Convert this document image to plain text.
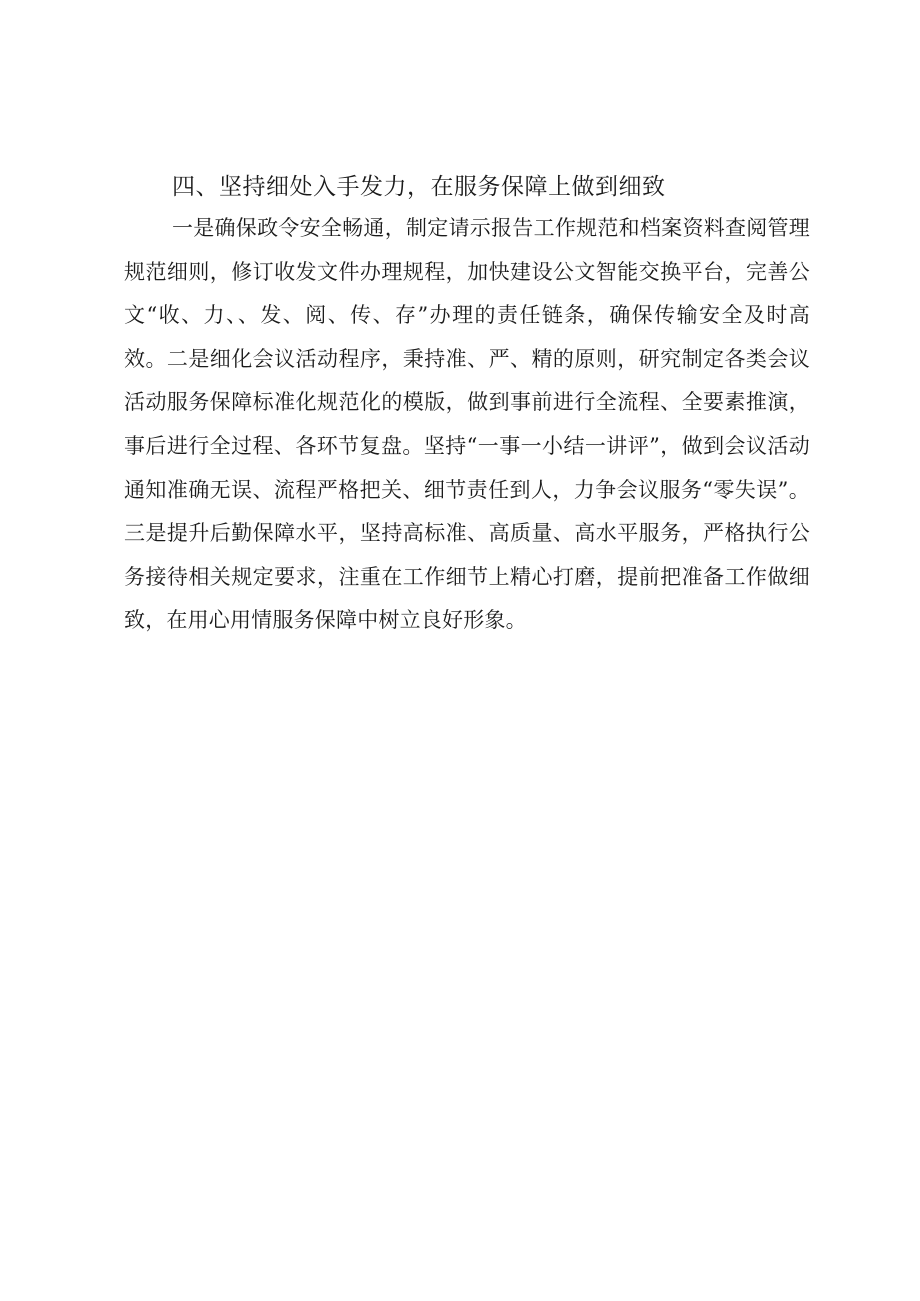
四、坚持细处入手发力，在服务保障上做到细致

一是确保政令安全畅通，制定请示报告工作规范和档案资料查阅管理规范细则，修订收发文件办理规程，加快建设公文智能交换平台，完善公文“收、力、、发、阅、传、存”办理的责任链条，确保传输安全及时高效。二是细化会议活动程序，秉持准、严、精的原则，研究制定各类会议活动服务保障标准化规范化的模版，做到事前进行全流程、全要素推演，事后进行全过程、各环节复盘。坚持“一事一小结一讲评”，做到会议活动通知准确无误、流程严格把关、细节责任到人，力争会议服务“零失误”。三是提升后勤保障水平，坚持高标准、高质量、高水平服务，严格执行公务接待相关规定要求，注重在工作细节上精心打磨，提前把准备工作做细致，在用心用情服务保障中树立良好形象。
